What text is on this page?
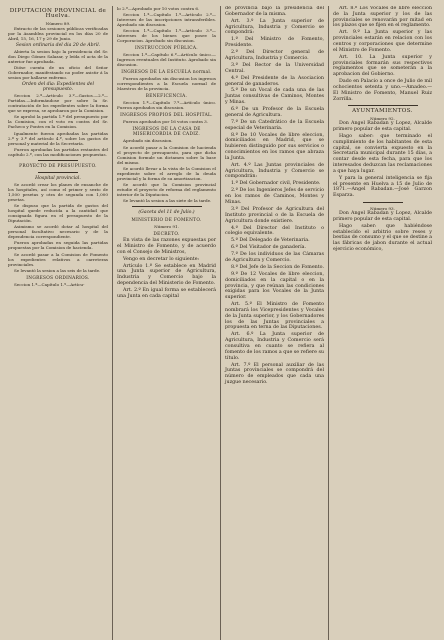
DIPUTACION PROVINCIAL de Huelva.
Número 89.

Extracto de las sesiones públicas verificadas por la Asamblea provincial en los días 20 de Abril, 15, 16, 17 y 29 de Junio.

Sesion ordinaria del dia 20 de Abril.

Abierta la sesion bajo la presidencia del Sr. don Diego Gómez Salazar, y leída el acta de la anterior fue aprobada.

Dióse cuenta de un oficio del Señor Gobernador, manifestando no poder asistir á la sesion por hallarse enfermo.

Orden del dia: Expedientes del presupuesto.

Seccion 2.ª—Artículo 3.º—Gastos.—2.º—Partidas.—Informándose por sobre la Sr. contratación de los expedientes sobre la forma que se expresa, se aprobaron por la Comision.

Se aprobó la partida 1.ª del presupuesto por la Comision, con el voto en contra del Sr. Pacheco y Pontes en la Comision.

Igualmente fueron aprobadas las partidas 2.ª y 3.ª del artículo 4.º, sobre los gastos de personal y material de la Secretaría.

Fueron aprobadas las partidas restantes del capítulo 2.º, con las modificaciones propuestas.

PROYECTO DE PRESUPUESTO.
Hospital provincial.

Se acordó crear los planes de ensanche de los hospitales, así como el primer y sexto de 1,500 pesetas y otra de segunda con 1,000 pesetas.

Se dispuso que la partida de gastos del hospital quede reducida a la cantidad que consignada figura en el presupuesto de la Diputación.

Asimismo se acordó dotar al hospital del personal facultativo necesario y de la dependencia correspondiente.

Fueron aprobadas en seguida las partidas propuestas por la Comision de hacienda.

Se acordó pasar a la Comision de Fomento los expedientes relativos a carreteras provinciales.

Se levantó la sesion a las seis de la tarde.

INGRESOS ORDINARIOS.

Seccion 1.ª—Capítulo 1.º—Artícu-

lo 2.º—Aprobado por 10 votos contra 6.

Seccion 1.ª—Capítulo 1.º—Artículo 2.º—Intereses de las inscripciones intransferibles. Aprobado sin discusion.

Seccion 1.ª—Capítulo 1.º—Artículo 3.º—Intereses de los bienes que posee la Corporacion. Aprobado sin discusion.

INSTRUCCION PÚBLICA.

Seccion 1.ª—Capítulo 6.º—Artículo único.—Ingresos eventuales del Instituto. Aprobado sin discusion.

INGRESOS DE LA ESCUELA normal.

Fueron aprobados sin discusion los ingresos correspondientes a la Escuela normal de Maestros de la provincia.

BENEFICENCIA.

Seccion 1.ª—Capítulo 7.º—Artículo único. Fueron aprobados sin discusion.

INGRESOS PROPIOS DEL HOSPITAL.

Fueron aprobados por 16 votos contra 3.

INGRESOS DE LA CASA DE MISERICORDIA DE CADIZ.

Aprobado sin discusion.

Se acordó pasar a la Comision de hacienda el proyecto de presupuesto, para que dicha Comision formule un dictamen sobre la base del mismo.

Se acordó llevar a la vista de la Comision el expediente sobre el arreglo de la deuda provincial y la forma de su amortizacion.

Se acordó que la Comision provincial estudie el proyecto de reforma del reglamento interior de la Diputacion.

Se levantó la sesion a las siete de la tarde.

(Gaceta del 11 de Julio.)
MINISTERIO DE FOMENTO.
Número 91.
DECRETO.

En vista de las razones expuestas por el Ministro de Fomento, y de acuerdo con el Consejo de Ministros,

Vengo en decretar lo siguiente:

Artículo 1.º Se establece en Madrid una Junta superior de Agricultura, Industria y Comercio bajo la dependencia del Ministerio de Fomento.

Art. 2.º En igual forma se establecerá una Junta en cada capital

de provincia bajo la presidencia del Gobernador de la misma.

Art. 3.º La Junta superior de Agricultura, Industria y Comercio se compondrá:

1.º Del Ministro de Fomento, Presidente.

2.º Del Director general de Agricultura, Industria y Comercio.

3.º Del Rector de la Universidad Central.

4.º Del Presidente de la Asociacion general de ganaderos.

5.º De un Vocal de cada una de las Juntas consultivas de Caminos, Montes y Minas.

6.º De un Profesor de la Escuela general de Agricultura.

7.º De un Catedrático de la Escuela especial de Veterinaria.

8.º De 10 Vocales de libre eleccion, domiciliados en Madrid, que se hubieren distinguido por sus servicios o conocimientos en los ramos que abraza la Junta.

Art. 4.º Las Juntas provinciales de Agricultura, Industria y Comercio se compondrán:

1.º Del Gobernador civil, Presidente.

2.º De los Ingenieros Jefes de servicio en los ramos de Caminos, Montes y Minas.

3.º Del Profesor de Agricultura del Instituto provincial o de la Escuela de Agricultura donde existiere.

4.º Del Director del Instituto o colegio equivalente.

5.º Del Delegado de Veterinaria.

6.º Del Visitador de ganadería.

7.º De los individuos de las Cámaras de Agricultura y Comercio.

8.º Del Jefe de la Seccion de Fomento.

9.º De 12 Vocales de libre eleccion, domiciliados en la capital o en la provincia, y que reúnan las condiciones exigidas para los Vocales de la Junta superior.

Art. 5.º El Ministro de Fomento nombrará los Vicepresidentes y Vocales de la Junta superior, y los Gobernadores los de las Juntas provinciales a propuesta en terna de las Diputaciones.

Art. 6.º La Junta superior de Agricultura, Industria y Comercio será consultiva en cuanto se refiera al fomento de los ramos a que se refiere su título.

Art. 7.º El personal auxiliar de las Juntas provinciales se compondrá del número de empleados que cada una juzgue necesario.

Art. 8.º Los Vocales de libre eleccion de la Junta superior y los de las provinciales se renovarán por mitad en los plazos que se fijen en el reglamento.

Art. 9.º La Junta superior y las provinciales estarán en relacion con los centros y corporaciones que determine el Ministro de Fomento.

Art. 10. La Junta superior y provinciales formarán sus respectivos reglamentos que se someterán a la aprobacion del Gobierno.

Dado en Palacio a once de Julio de mil ochocientos setenta y uno.—Amadeo.—El Ministro de Fomento, Manuel Ruiz Zorrilla.

AYUNTAMIENTOS.
Número 92.

Don Angel Rabadan y Lopez, Alcalde primero popular de esta capital.

Hago saber: que terminado el cumplimiento de los habitantes de esta capital, se convierta expuesto en la Secretaría municipal durante 15 días, a contar desde esta fecha, para que los interesados deduzcan las reclamaciones a que haya lugar.

Y para la general inteligencia se fija el presente en Huelva a 15 de Julio de 1871.—Angel Rabadan.—José Garzon Esparza.

Número 93.

Don Angel Rabadan y Lopez, Alcalde primero popular de esta capital.

Hago saber: que habiéndose establecido el arbitrio sobre reses y bestias de consumo y el que se destine a las fábricas de jabon durante el actual ejercicio económico,
